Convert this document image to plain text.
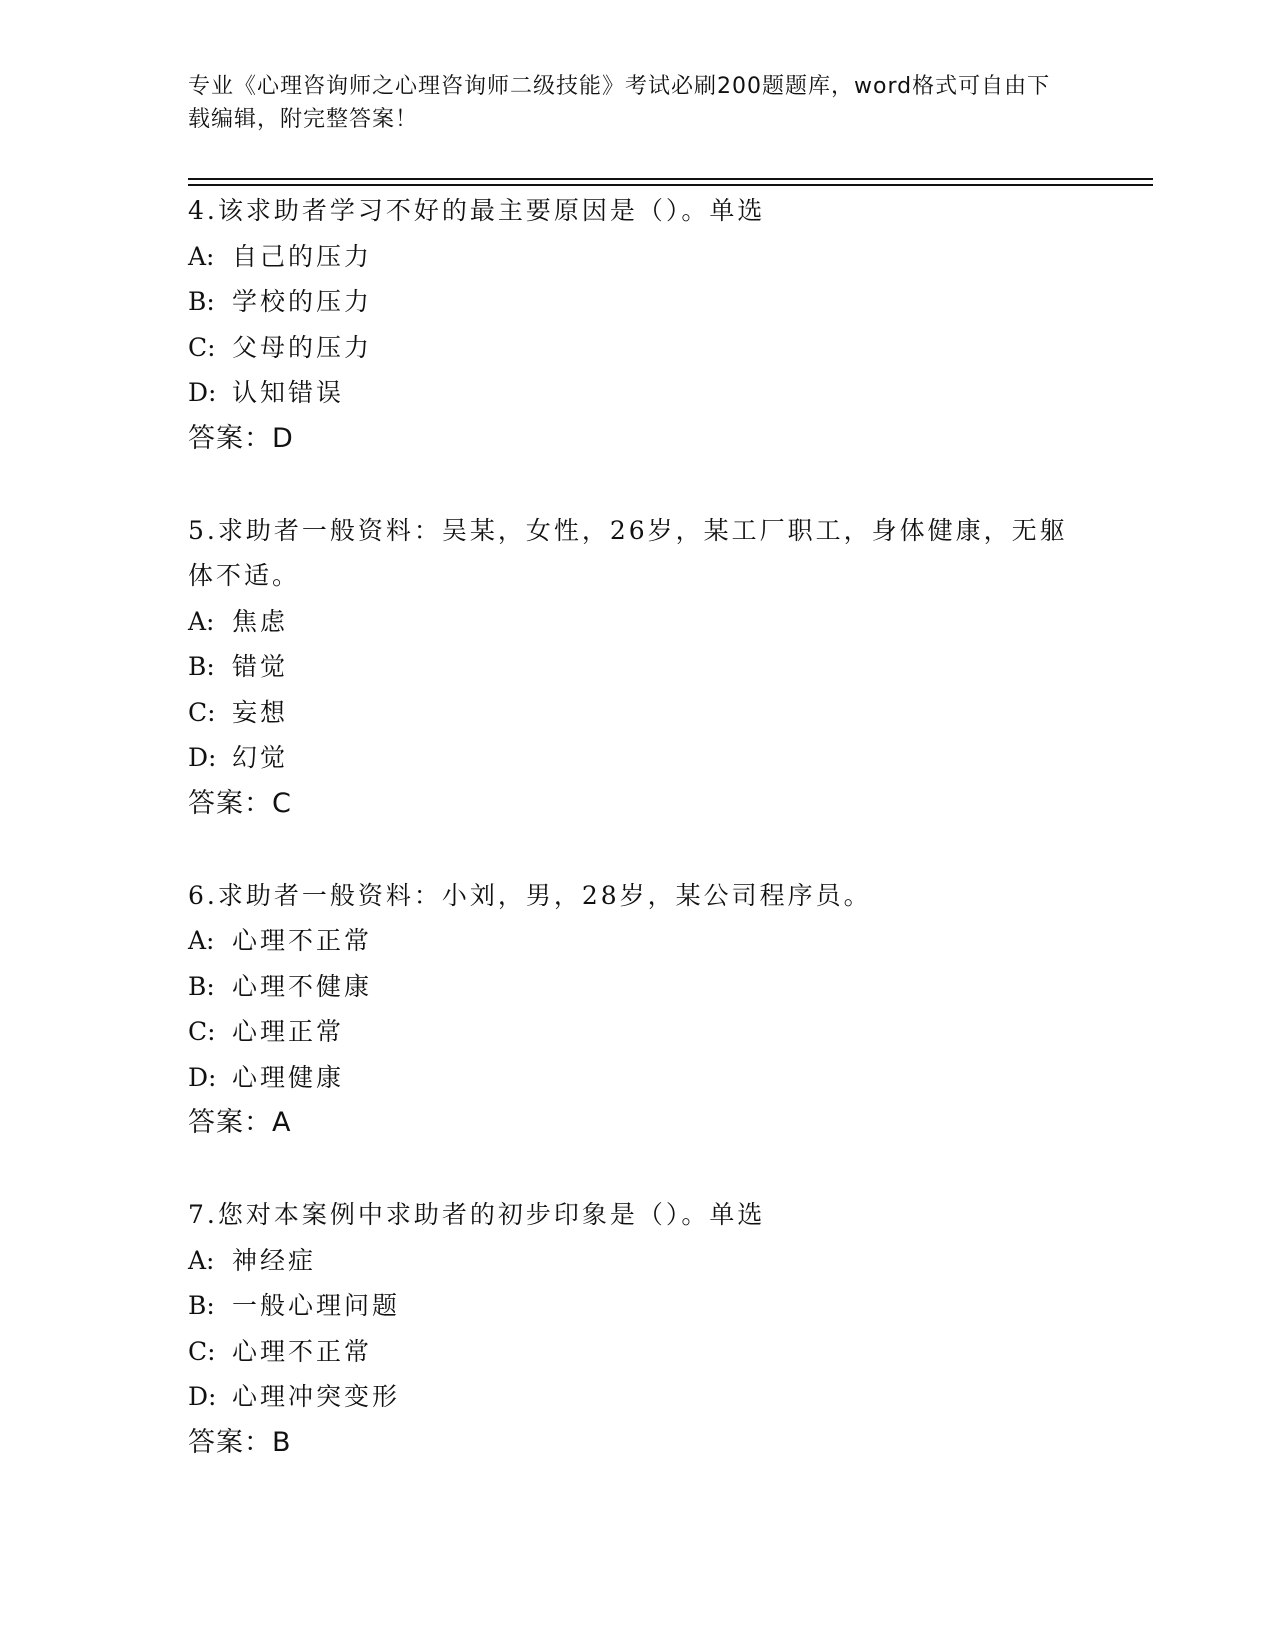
专业《心理咨询师之心理咨询师二级技能》考试必刷200题题库，word格式可自由下载编辑，附完整答案！
4.该求助者学习不好的最主要原因是（）。单选
A: 自己的压力
B: 学校的压力
C: 父母的压力
D: 认知错误
答案：D
5.求助者一般资料：吴某，女性，26岁，某工厂职工，身体健康，无躯体不适。
A: 焦虑
B: 错觉
C: 妄想
D: 幻觉
答案：C
6.求助者一般资料：小刘，男，28岁，某公司程序员。
A: 心理不正常
B: 心理不健康
C: 心理正常
D: 心理健康
答案：A
7.您对本案例中求助者的初步印象是（）。单选
A: 神经症
B: 一般心理问题
C: 心理不正常
D: 心理冲突变形
答案：B
